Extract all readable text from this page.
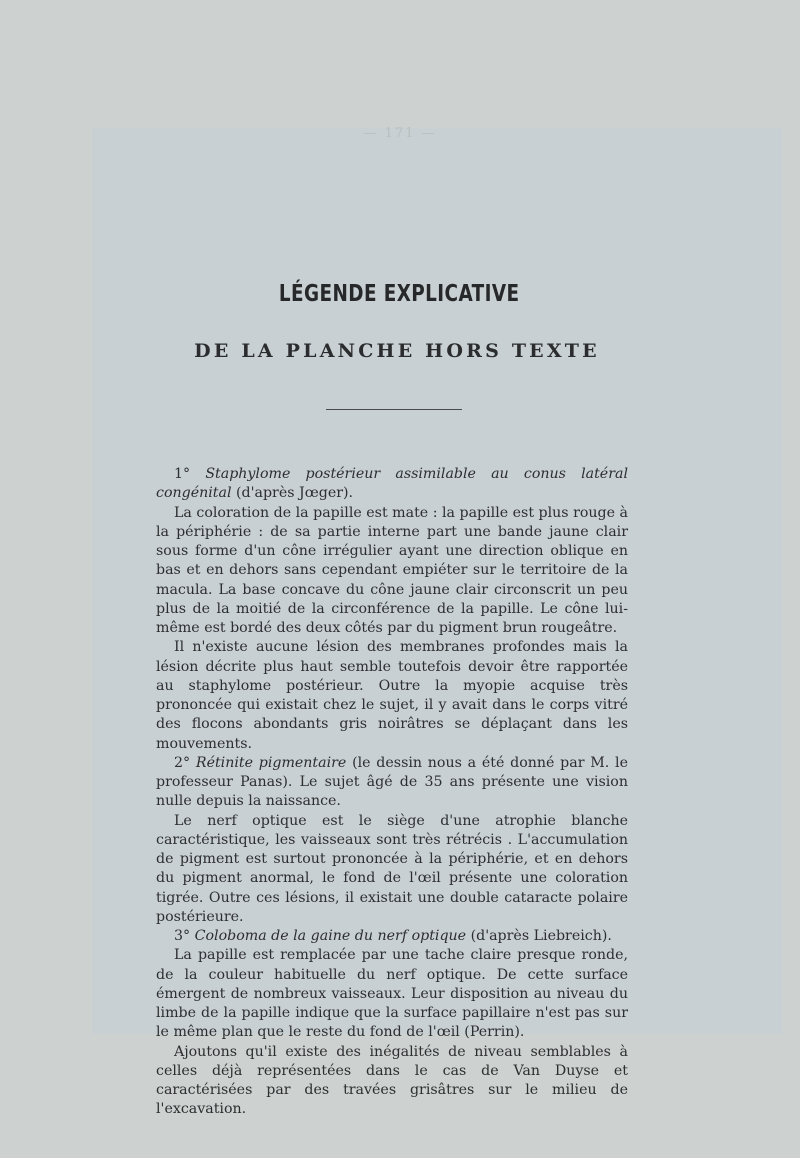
— 171 —
LÉGENDE EXPLICATIVE
DE LA PLANCHE HORS TEXTE

1° Staphylome postérieur assimilable au conus latéral congénital (d'après Jœger).

La coloration de la papille est mate : la papille est plus rouge à la périphérie : de sa partie interne part une bande jaune clair sous forme d'un cône irrégulier ayant une direction oblique en bas et en dehors sans cependant empiéter sur le territoire de la macula. La base concave du cône jaune clair circonscrit un peu plus de la moitié de la circonférence de la papille. Le cône lui-même est bordé des deux côtés par du pigment brun rougeâtre.

Il n'existe aucune lésion des membranes profondes mais la lésion décrite plus haut semble toutefois devoir être rapportée au staphylome postérieur. Outre la myopie acquise très prononcée qui existait chez le sujet, il y avait dans le corps vitré des flocons abondants gris noirâtres se déplaçant dans les mouvements.

2° Rétinite pigmentaire (le dessin nous a été donné par M. le professeur Panas). Le sujet âgé de 35 ans présente une vision nulle depuis la naissance.

Le nerf optique est le siège d'une atrophie blanche caractéristique, les vaisseaux sont très rétrécis . L'accumulation de pigment est surtout prononcée à la périphérie, et en dehors du pigment anormal, le fond de l'œil présente une coloration tigrée. Outre ces lésions, il existait une double cataracte polaire postérieure.

3° Coloboma de la gaine du nerf optique (d'après Liebreich).

La papille est remplacée par une tache claire presque ronde, de la couleur habituelle du nerf optique. De cette surface émergent de nombreux vaisseaux. Leur disposition au niveau du limbe de la papille indique que la surface papillaire n'est pas sur le même plan que le reste du fond de l'œil (Perrin).

Ajoutons qu'il existe des inégalités de niveau semblables à celles déjà représentées dans le cas de Van Duyse et caractérisées par des travées grisâtres sur le milieu de l'excavation.
